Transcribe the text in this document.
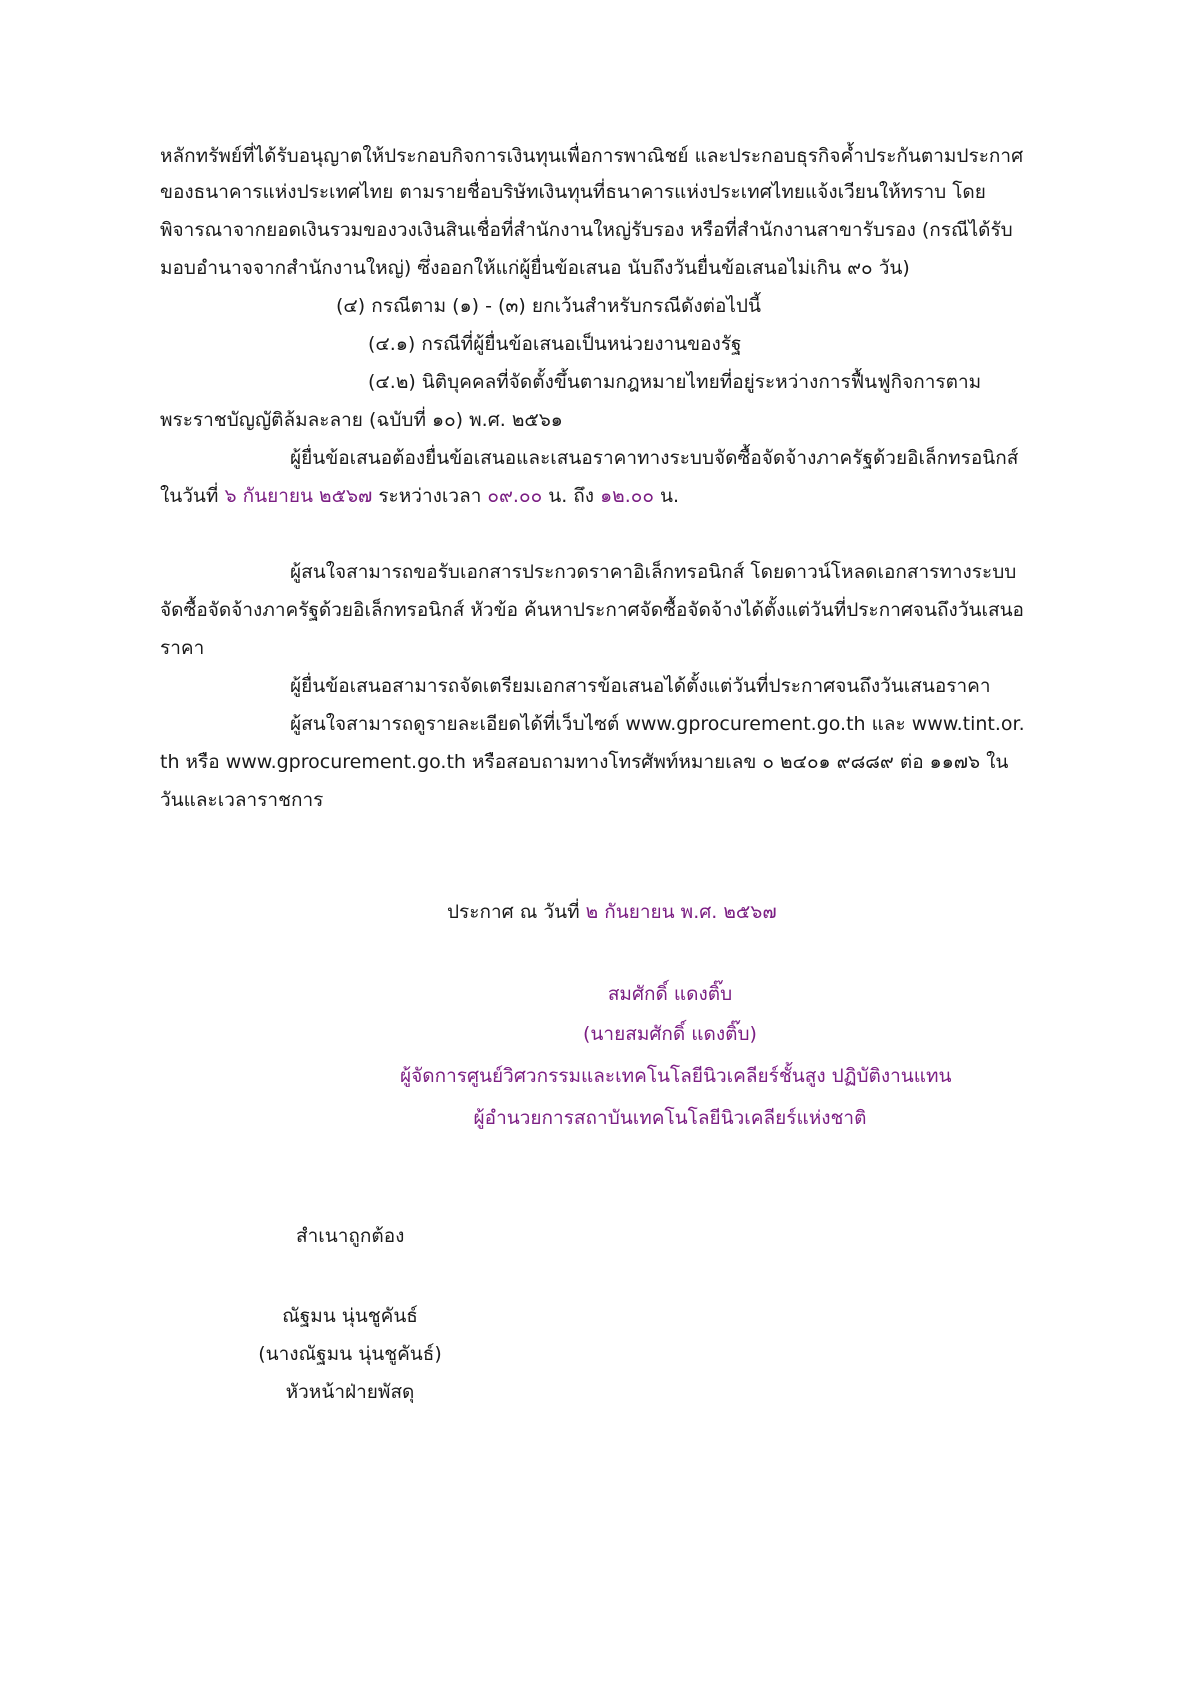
หลักทรัพย์ที่ได้รับอนุญาตให้ประกอบกิจการเงินทุนเพื่อการพาณิชย์ และประกอบธุรกิจค้ำประกันตามประกาศ
ของธนาคารแห่งประเทศไทย ตามรายชื่อบริษัทเงินทุนที่ธนาคารแห่งประเทศไทยแจ้งเวียนให้ทราบ โดย
พิจารณาจากยอดเงินรวมของวงเงินสินเชื่อที่สำนักงานใหญ่รับรอง หรือที่สำนักงานสาขารับรอง (กรณีได้รับ
มอบอำนาจจากสำนักงานใหญ่) ซึ่งออกให้แก่ผู้ยื่นข้อเสนอ นับถึงวันยื่นข้อเสนอไม่เกิน ๙๐ วัน)
(๔) กรณีตาม (๑) - (๓) ยกเว้นสำหรับกรณีดังต่อไปนี้
(๔.๑) กรณีที่ผู้ยื่นข้อเสนอเป็นหน่วยงานของรัฐ
(๔.๒) นิติบุคคลที่จัดตั้งขึ้นตามกฎหมายไทยที่อยู่ระหว่างการฟื้นฟูกิจการตาม
พระราชบัญญัติล้มละลาย (ฉบับที่ ๑๐) พ.ศ. ๒๕๖๑
ผู้ยื่นข้อเสนอต้องยื่นข้อเสนอและเสนอราคาทางระบบจัดซื้อจัดจ้างภาครัฐด้วยอิเล็กทรอนิกส์
ในวันที่ ๖ กันยายน ๒๕๖๗ ระหว่างเวลา ๐๙.๐๐ น. ถึง ๑๒.๐๐ น.
ผู้สนใจสามารถขอรับเอกสารประกวดราคาอิเล็กทรอนิกส์ โดยดาวน์โหลดเอกสารทางระบบ
จัดซื้อจัดจ้างภาครัฐด้วยอิเล็กทรอนิกส์ หัวข้อ ค้นหาประกาศจัดซื้อจัดจ้างได้ตั้งแต่วันที่ประกาศจนถึงวันเสนอ
ราคา
ผู้ยื่นข้อเสนอสามารถจัดเตรียมเอกสารข้อเสนอได้ตั้งแต่วันที่ประกาศจนถึงวันเสนอราคา
ผู้สนใจสามารถดูรายละเอียดได้ที่เว็บไซต์ www.gprocurement.go.th และ www.tint.or.
th หรือ www.gprocurement.go.th หรือสอบถามทางโทรศัพท์หมายเลข ๐ ๒๔๐๑ ๙๘๘๙ ต่อ ๑๑๗๖ ใน
วันและเวลาราชการ
ประกาศ ณ วันที่ ๒ กันยายน พ.ศ. ๒๕๖๗
สมศักดิ์ แดงติ๊บ
(นายสมศักดิ์ แดงติ๊บ)
ผู้จัดการศูนย์วิศวกรรมและเทคโนโลยีนิวเคลียร์ชั้นสูง ปฏิบัติงานแทน
ผู้อำนวยการสถาบันเทคโนโลยีนิวเคลียร์แห่งชาติ
สำเนาถูกต้อง
ณัฐมน นุ่นชูคันธ์
(นางณัฐมน นุ่นชูคันธ์)
หัวหน้าฝ่ายพัสดุ
